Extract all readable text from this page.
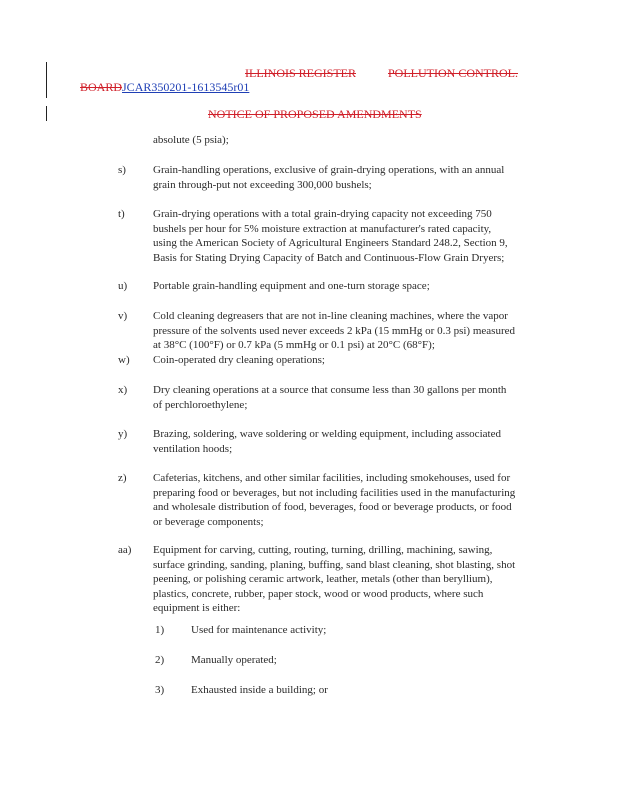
ILLINOIS REGISTER	POLLUTION CONTROL.
BOARDJCAR350201-1613545r01
NOTICE OF PROPOSED AMENDMENTS
absolute (5 psia);
s) Grain-handling operations, exclusive of grain-drying operations, with an annual
grain through-put not exceeding 300,000 bushels;
t)	Grain-drying operations with a total grain-drying capacity not exceeding 750
bushels per hour for 5% moisture extraction at manufacturer's rated capacity,
using the American Society of Agricultural Engineers Standard 248.2, Section 9,
Basis for Stating Drying Capacity of Batch and Continuous-Flow Grain Dryers;
u) Portable grain-handling equipment and one-turn storage space;
v) Cold cleaning degreasers that are not in-line cleaning machines, where the vapor
pressure of the solvents used never exceeds 2 kPa (15 mmHg or 0.3 psi) measured
at 38°C (100°F) or 0.7 kPa (5 mmHg or 0.1 psi) at 20°C (68°F);
w) Coin-operated dry cleaning operations;
x) Dry cleaning operations at a source that consume less than 30 gallons per month
of perchloroethylene;
y) Brazing, soldering, wave soldering or welding equipment, including associated
ventilation hoods;
z) Cafeterias, kitchens, and other similar facilities, including smokehouses, used for
preparing food or beverages, but not including facilities used in the manufacturing
and wholesale distribution of food, beverages, food or beverage products, or food
or beverage components;
aa) Equipment for carving, cutting, routing, turning, drilling, machining, sawing,
surface grinding, sanding, planing, buffing, sand blast cleaning, shot blasting, shot
peening, or polishing ceramic artwork, leather, metals (other than beryllium),
plastics, concrete, rubber, paper stock, wood or wood products, where such
equipment is either:
1) Used for maintenance activity;
2) Manually operated;
3) Exhausted inside a building; or
